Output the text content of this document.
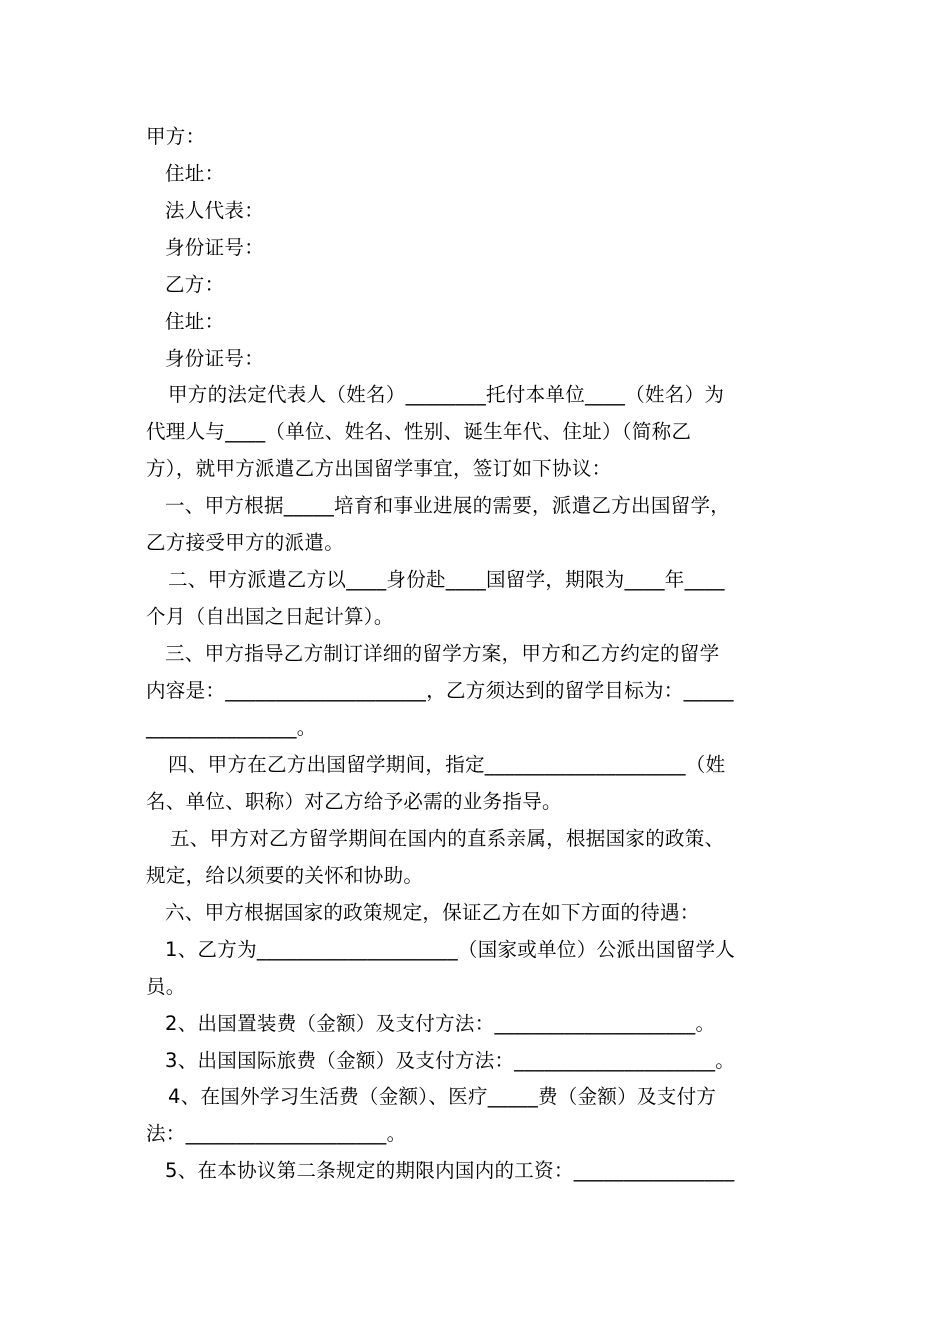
甲方：

住址：

法人代表：

身份证号：

乙方：

住址：

身份证号：

甲方的法定代表人（姓名）________托付本单位____（姓名）为

代理人与____（单位、姓名、性别、诞生年代、住址）（简称乙

方），就甲方派遣乙方出国留学事宜，签订如下协议：

一、甲方根据_____培育和事业进展的需要，派遣乙方出国留学，

乙方接受甲方的派遣。

二、甲方派遣乙方以____身份赴____国留学，期限为____年____

个月（自出国之日起计算）。

三、甲方指导乙方制订详细的留学方案，甲方和乙方约定的留学

内容是：____________________，乙方须达到的留学目标为：_____

_______________。

四、甲方在乙方出国留学期间，指定____________________（姓

名、单位、职称）对乙方给予必需的业务指导。

五、甲方对乙方留学期间在国内的直系亲属，根据国家的政策、

规定，给以须要的关怀和协助。

六、甲方根据国家的政策规定，保证乙方在如下方面的待遇：

1、乙方为____________________（国家或单位）公派出国留学人

员。

2、出国置装费（金额）及支付方法：____________________。

3、出国国际旅费（金额）及支付方法：____________________。

4、在国外学习生活费（金额）、医疗_____费（金额）及支付方

法：____________________。

5、在本协议第二条规定的期限内国内的工资：________________
